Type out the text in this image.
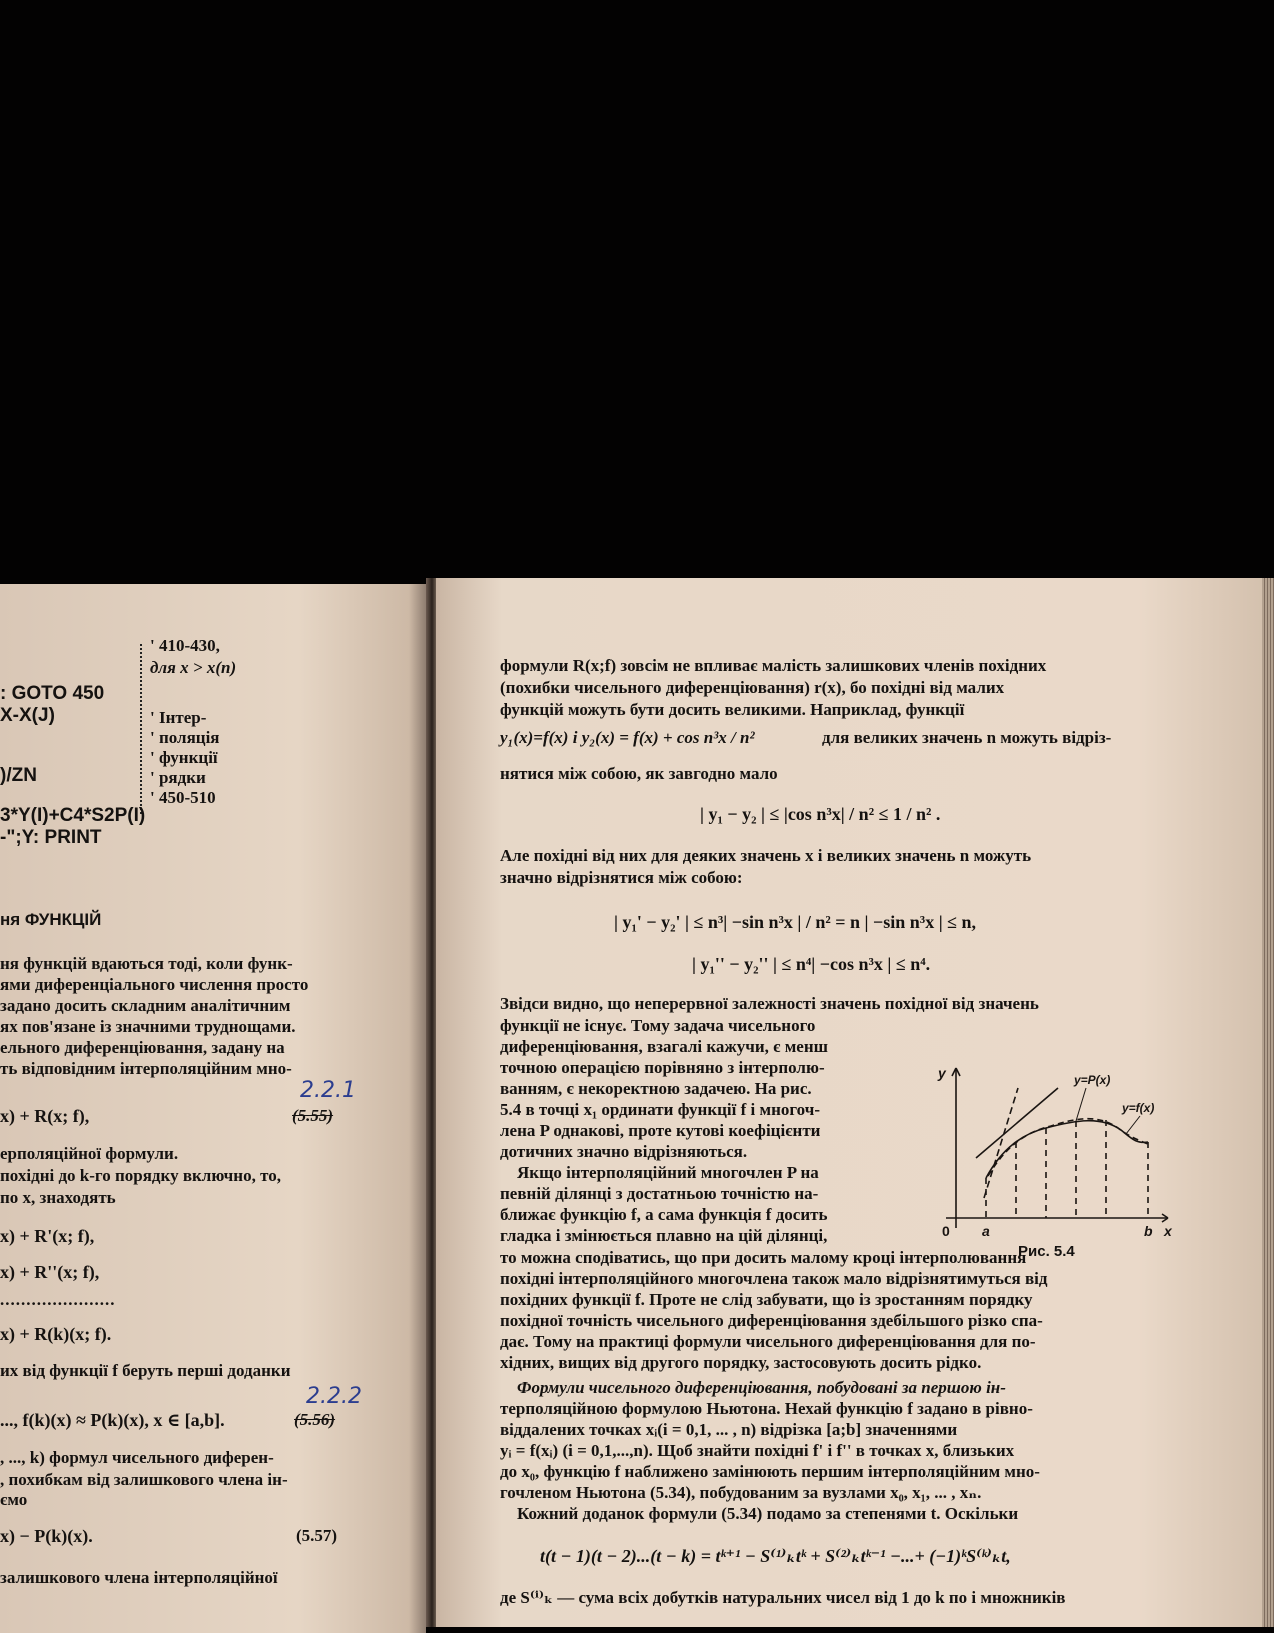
' 410-430,
для x > x(n)
' Інтер-
' поляція
' функції
' рядки
' 450-510
: GOTO 450
X-X(J)
)/ZN
3*Y(I)+C4*S2P(I)
-";Y: PRINT
ня ФУНКЦІЙ
ня функцій вдаються тоді, коли функ-
ями диференціального числення просто
задано досить складним аналітичним
ях пов'язане із значними труднощами.
ельного диференціювання, задану на
ть відповідним інтерполяційним мно-
2.2.1
x) + R(x; f),	(5.55)
ерполяційної формули.
похідні до k-го порядку включно, то,
по x, знаходять
x) + R'(x; f),
x) + R''(x; f),
......................
x) + R(k)(x; f).
их від функції f беруть перші доданки
2.2.2
..., f(k)(x) ≈ P(k)(x), x ∈ [a,b].	(5.56)
, ..., k) формул чисельного диферен-
, похибкам від залишкового члена ін-
ємо
x) − P(k)(x).	(5.57)
залишкового члена інтерполяційної
формули R(x;f) зовсім не впливає малість залишкових членів похідних
(похибки чисельного диференціювання) r(x), бо похідні від малих
функцій можуть бути досить великими. Наприклад, функції
y₁(x)=f(x) і y₂(x) = f(x) + cos n³x / n²	для великих значень n можуть відріз-
нятися між собою, як завгодно мало
| y₁ − y₂ | ≤ |cos n³x| / n² ≤ 1 / n² .
Але похідні від них для деяких значень x і великих значень n можуть
значно відрізнятися між собою:
| y₁' − y₂' | ≤ n³| −sin n³x | / n² = n | −sin n³x | ≤ n,
| y₁'' − y₂'' | ≤ n⁴| −cos n³x | ≤ n⁴.
Звідси видно, що неперервної залежності значень похідної від значень
функції не існує. Тому задача чисельного
диференціювання, взагалі кажучи, є менш
точною операцією порівняно з інтерполю-
ванням, є некоректною задачею. На рис.
5.4 в точці x₁ ординати функції f і многоч-
лена P однакові, проте кутові коефіцієнти
дотичних значно відрізняються.
Якщо інтерполяційний многочлен P на
певній ділянці з достатньою точністю на-
ближає функцію f, а сама функція f досить
гладка і змінюється плавно на цій ділянці,
то можна сподіватись, що при досить малому кроці інтерполювання
похідні інтерполяційного многочлена також мало відрізнятимуться від
похідних функції f. Проте не слід забувати, що із зростанням порядку
похідної точність чисельного диференціювання здебільшого різко спа-
дає. Тому на практиці формули чисельного диференціювання для по-
хідних, вищих від другого порядку, застосовують досить рідко.
Формули чисельного диференціювання, побудовані за першою ін-
терполяційною формулою Ньютона. Нехай функцію f задано в рівно-
віддалених точках xᵢ(i = 0,1, ... , n) відрізка [a;b] значеннями
yᵢ = f(xᵢ) (i = 0,1,...,n). Щоб знайти похідні f' і f'' в точках x, близьких
до x₀, функцію f наближено замінюють першим інтерполяційним мно-
гочленом Ньютона (5.34), побудованим за вузлами x₀, x₁, ... , xₙ.
Кожний доданок формули (5.34) подамо за степенями t. Оскільки
t(t − 1)(t − 2)...(t − k) = tᵏ⁺¹ − S⁽¹⁾ₖtᵏ + S⁽²⁾ₖtᵏ⁻¹ −...+ (−1)ᵏS⁽ᵏ⁾ₖt,
де S⁽ⁱ⁾ₖ — сума всіх добутків натуральних чисел від 1 до k по i множників
y
x
0 a	b
y=P(x)
y=f(x)
Рис. 5.4
